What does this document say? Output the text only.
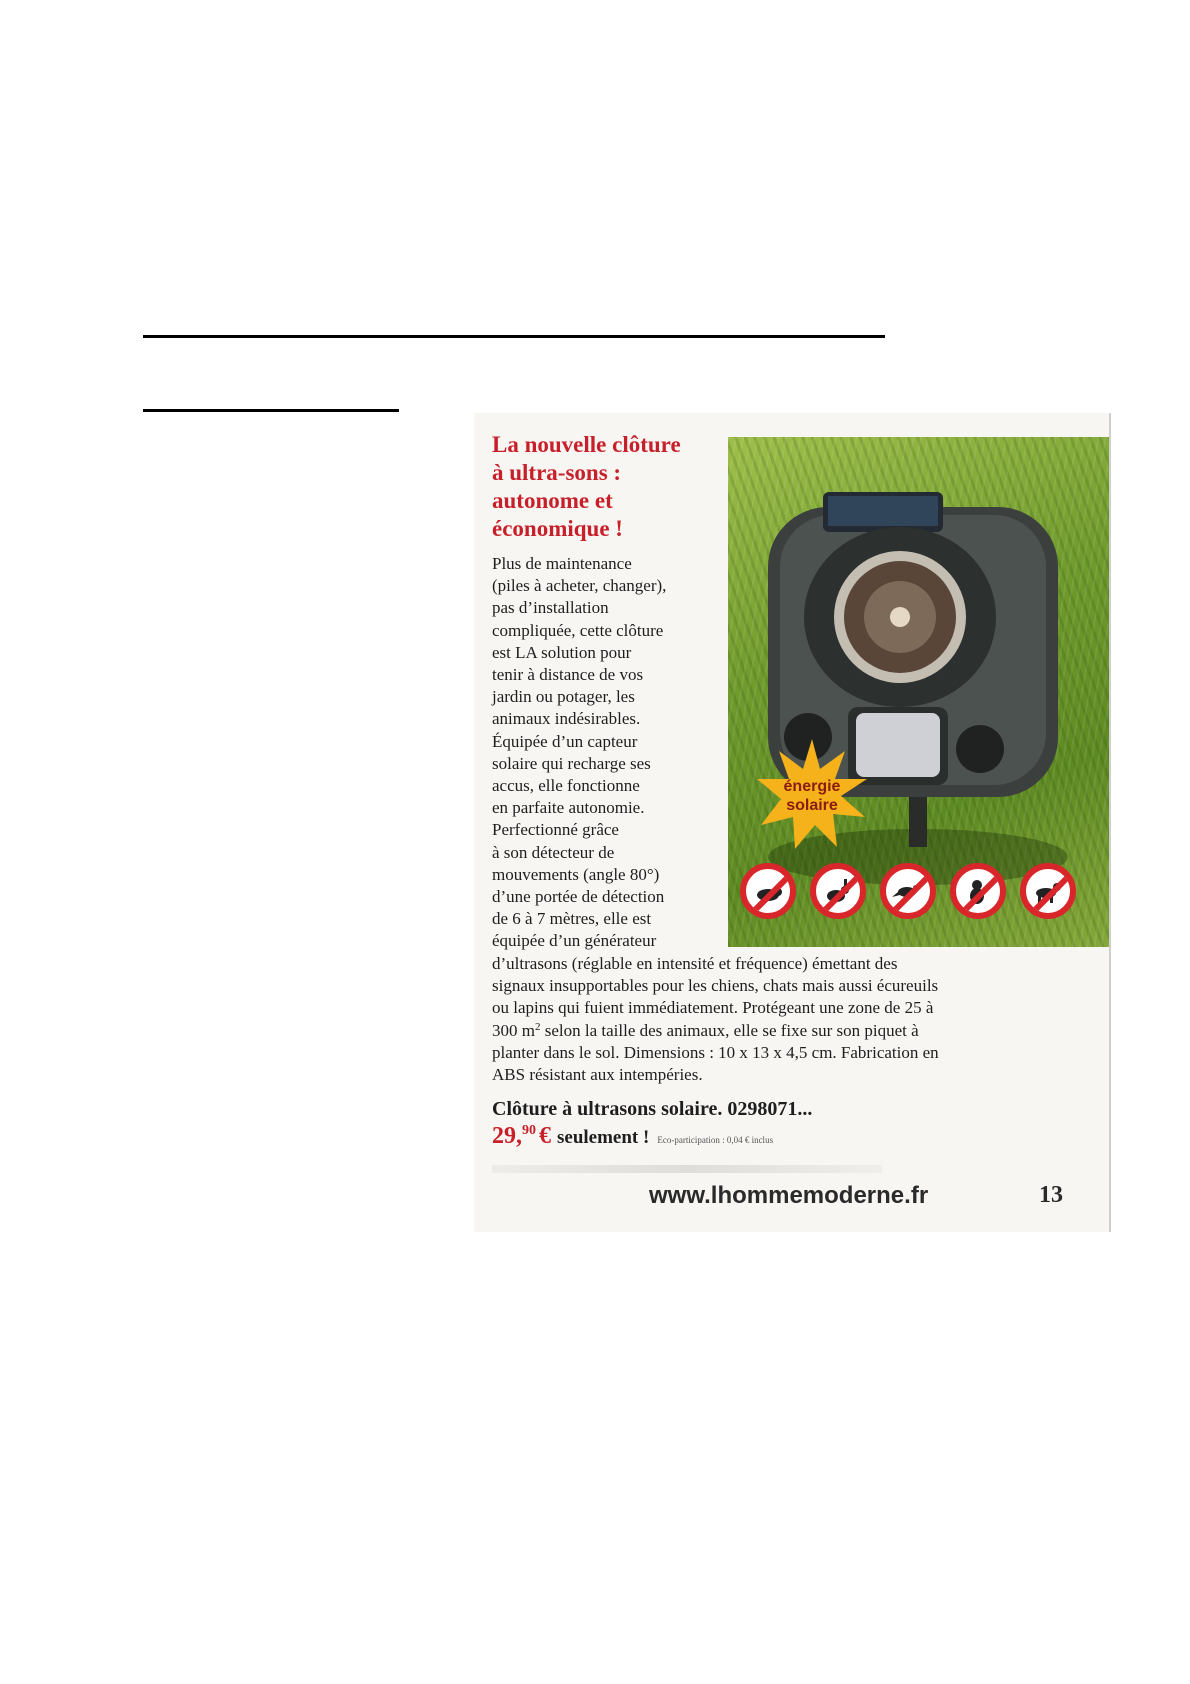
La nouvelle clôture
à ultra-sons :
autonome et
économique !
Plus de maintenance
(piles à acheter, changer),
pas d’installation
compliquée, cette clôture
est LA solution pour
tenir à distance de vos
jardin ou potager, les
animaux indésirables.
Équipée d’un capteur
solaire qui recharge ses
accus, elle fonctionne
en parfaite autonomie.
Perfectionné grâce
à son détecteur de
mouvements (angle 80°)
d’une portée de détection
de 6 à 7 mètres, elle est
équipée d’un générateur
d’ultrasons (réglable en intensité et fréquence) émettant des
signaux insupportables pour les chiens, chats mais aussi écureuils
ou lapins qui fuient immédiatement. Protégeant une zone de 25 à
300 $m^2$ selon la taille des animaux, elle se fixe sur son piquet à
planter dans le sol. Dimensions : 10 x 13 x 4,5 cm. Fabrication en
ABS résistant aux intempéries.
Clôture à ultrasons solaire. 0298071...
29,90 € seulement ! Eco-participation : 0,04 € inclus
énergie
solaire
www.lhommemoderne.fr	13
